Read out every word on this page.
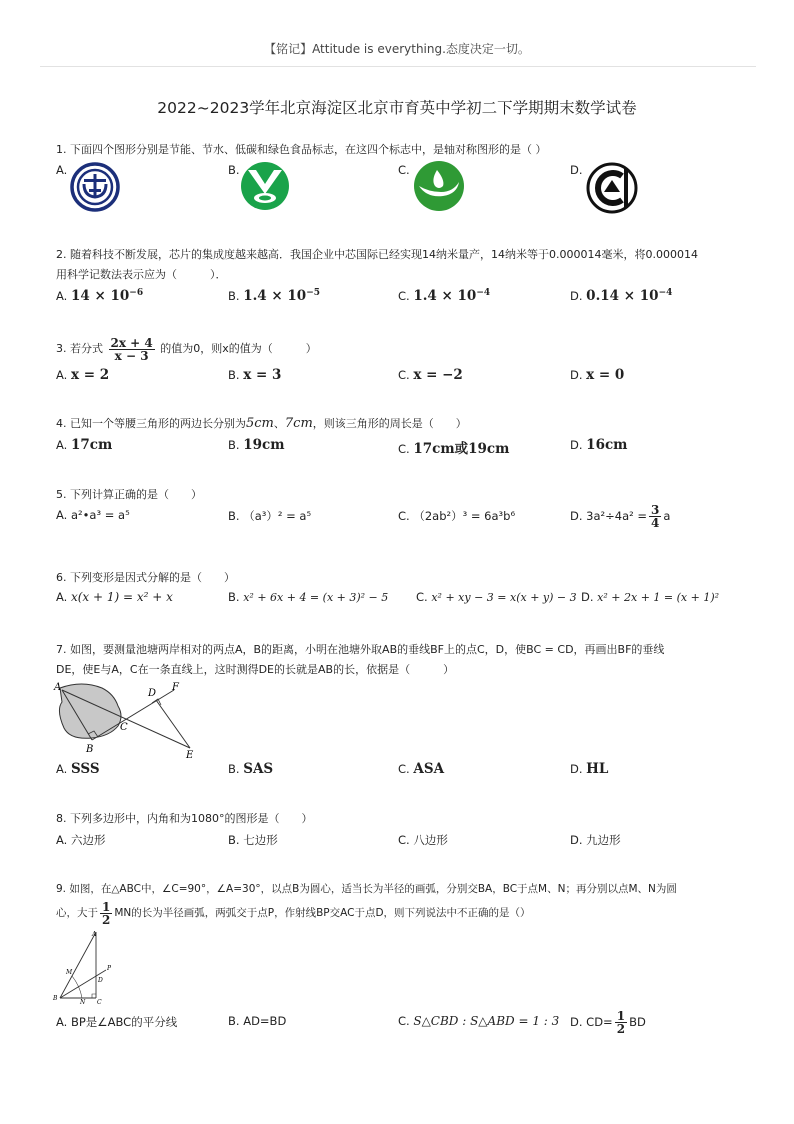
【铭记】Attitude is everything.态度决定一切。
2022~2023学年北京海淀区北京市育英中学初二下学期期末数学试卷
1. 下面四个图形分别是节能、节水、低碳和绿色食品标志，在这四个标志中，是轴对称图形的是（ ）
A.	B.	C.	D.
2. 随着科技不断发展，芯片的集成度越来越高．我国企业中芯国际已经实现14纳米量产，14纳米等于0.000014毫米，将0.000014
用科学记数法表示应为（　　　）．
A. $14 \times 10^{-6}$	B. $1.4 \times 10^{-5}$	C. $1.4 \times 10^{-4}$	D. $0.14 \times 10^{-4}$
3. 若分式 $\frac{2x + 4}{x - 3}$ 的值为0，则x的值为（　　　）
A. x = 2	B. x = 3	C. x = −2	D. x = 0
4. 已知一个等腰三角形的两边长分别为5cm、7cm，则该三角形的周长是（　　）
A. 17cm	B. 19cm	C. 17cm或19cm	D. 16cm
5. 下列计算正确的是（　　）
A. a²•a³ = a⁵	B. （a³）² = a⁵	C. （2ab²）³ = 6a³b⁶	D. $3a^2\div 4a^2 = \frac{3}{4}$ a
6. 下列变形是因式分解的是（　　）
A. x(x + 1) = x² + x	B. x² + 6x + 4 = (x + 3)² − 5 C. x² + xy − 3 = x(x + y) − 3 D. x² + 2x + 1 = (x + 1)²
7. 如图，要测量池塘两岸相对的两点A，B的距离，小明在池塘外取AB的垂线BF上的点C，D，使BC = CD，再画出BF的垂线
DE，使E与A，C在一条直线上，这时测得DE的长就是AB的长，依据是（　　　）
A
B
C
D
E
F
A. SSS	B. SAS	C. ASA	D. HL
8. 下列多边形中，内角和为1080°的图形是（　　）
A. 六边形	B. 七边形	C. 八边形	D. 九边形
9. 如图，在△ABC中，∠C=90°，∠A=30°，以点B为圆心，适当长为半径的画弧，分别交BA，BC于点M、N；再分别以点M、N为圆
心，大于 $\frac{1}{2}$ MN的长为半径画弧，两弧交于点P，作射线BP交AC于点D，则下列说法中不正确的是（）
A
B
C
D
M
N
P
A. BP是∠ABC的平分线	B. AD=BD	C. S△CBD : S△ABD = 1 : 3 D. $CD= \frac{1}{2}$ BD
